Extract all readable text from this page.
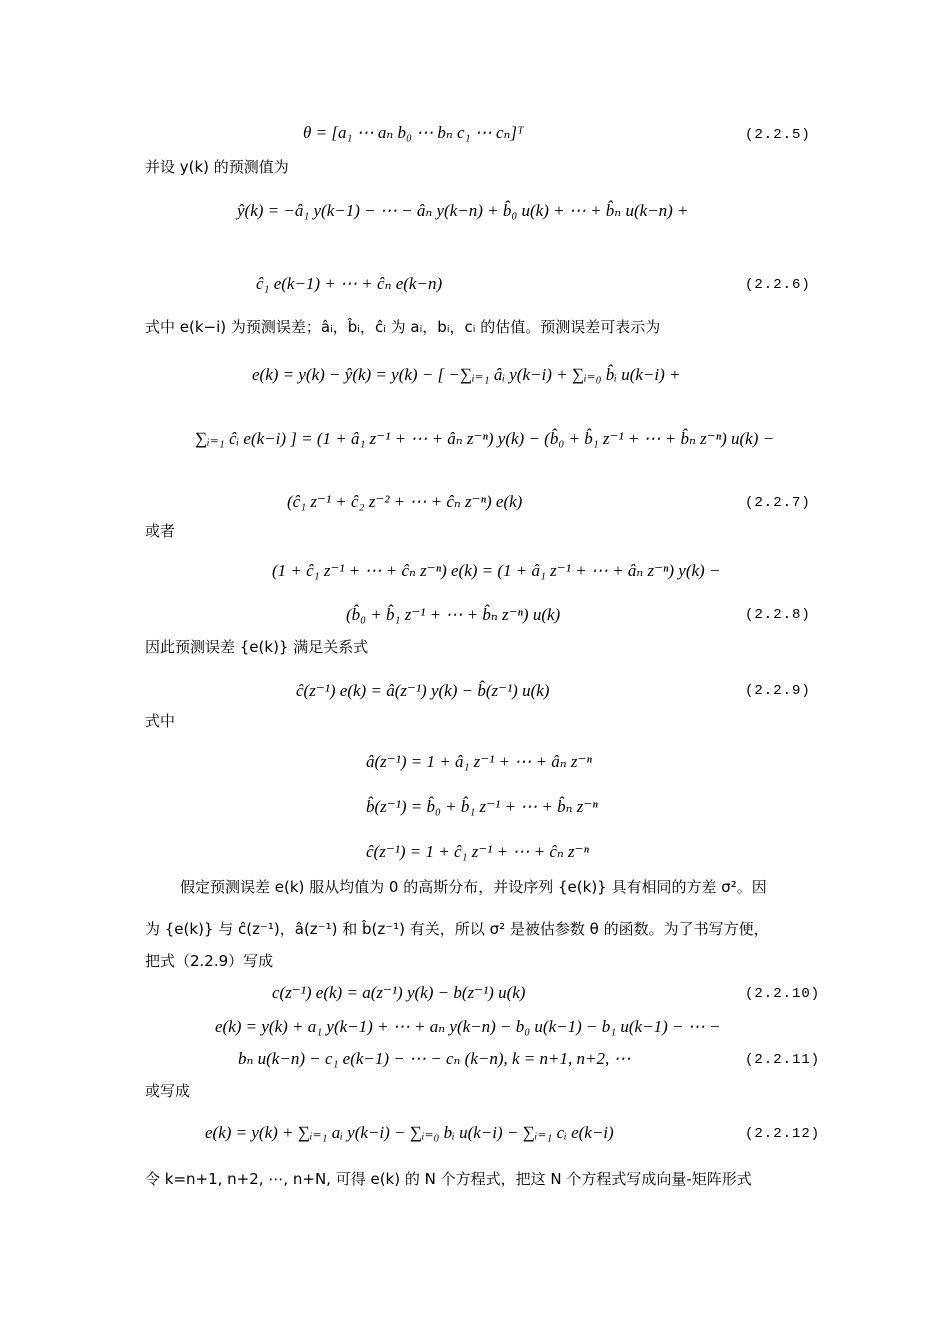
θ = [a₁ ⋯ aₙ b₀ ⋯ bₙ c₁ ⋯ cₙ]ᵀ	(2.2.5)
并设 y(k) 的预测值为
ŷ(k) = −â₁ y(k−1) − ⋯ − âₙ y(k−n) + b̂₀ u(k) + ⋯ + b̂ₙ u(k−n) +
ĉ₁ e(k−1) + ⋯ + ĉₙ e(k−n)	(2.2.6)
式中 e(k−i) 为预测误差；âᵢ，b̂ᵢ，ĉᵢ 为 aᵢ，bᵢ，cᵢ 的估值。预测误差可表示为
e(k) = y(k) − ŷ(k) = y(k) − [ −∑ᵢ₌₁ âᵢ y(k−i) + ∑ᵢ₌₀ b̂ᵢ u(k−i) +
∑ᵢ₌₁ ĉᵢ e(k−i) ] = (1 + â₁ z⁻¹ + ⋯ + âₙ z⁻ⁿ) y(k) − (b̂₀ + b̂₁ z⁻¹ + ⋯ + b̂ₙ z⁻ⁿ) u(k) −
(ĉ₁ z⁻¹ + ĉ₂ z⁻² + ⋯ + ĉₙ z⁻ⁿ) e(k)	(2.2.7)
或者
(1 + ĉ₁ z⁻¹ + ⋯ + ĉₙ z⁻ⁿ) e(k) = (1 + â₁ z⁻¹ + ⋯ + âₙ z⁻ⁿ) y(k) −
(b̂₀ + b̂₁ z⁻¹ + ⋯ + b̂ₙ z⁻ⁿ) u(k)	(2.2.8)
因此预测误差 {e(k)} 满足关系式
ĉ(z⁻¹) e(k) = â(z⁻¹) y(k) − b̂(z⁻¹) u(k)	(2.2.9)
式中
â(z⁻¹) = 1 + â₁ z⁻¹ + ⋯ + âₙ z⁻ⁿ
b̂(z⁻¹) = b̂₀ + b̂₁ z⁻¹ + ⋯ + b̂ₙ z⁻ⁿ
ĉ(z⁻¹) = 1 + ĉ₁ z⁻¹ + ⋯ + ĉₙ z⁻ⁿ
假定预测误差 e(k) 服从均值为 0 的高斯分布，并设序列 {e(k)} 具有相同的方差 σ²。因
为 {e(k)} 与 ĉ(z⁻¹)，â(z⁻¹) 和 b̂(z⁻¹) 有关，所以 σ² 是被估参数 θ 的函数。为了书写方便，
把式（2.2.9）写成
c(z⁻¹) e(k) = a(z⁻¹) y(k) − b(z⁻¹) u(k)	(2.2.10)
e(k) = y(k) + a₁ y(k−1) + ⋯ + aₙ y(k−n) − b₀ u(k−1) − b₁ u(k−1) − ⋯ −
bₙ u(k−n) − c₁ e(k−1) − ⋯ − cₙ (k−n), k = n+1, n+2, ⋯	(2.2.11)
或写成
e(k) = y(k) + ∑ᵢ₌₁ aᵢ y(k−i) − ∑ᵢ₌₀ bᵢ u(k−i) − ∑ᵢ₌₁ cᵢ e(k−i)	(2.2.12)
令 k=n+1, n+2, ⋯, n+N, 可得 e(k) 的 N 个方程式，把这 N 个方程式写成向量-矩阵形式
